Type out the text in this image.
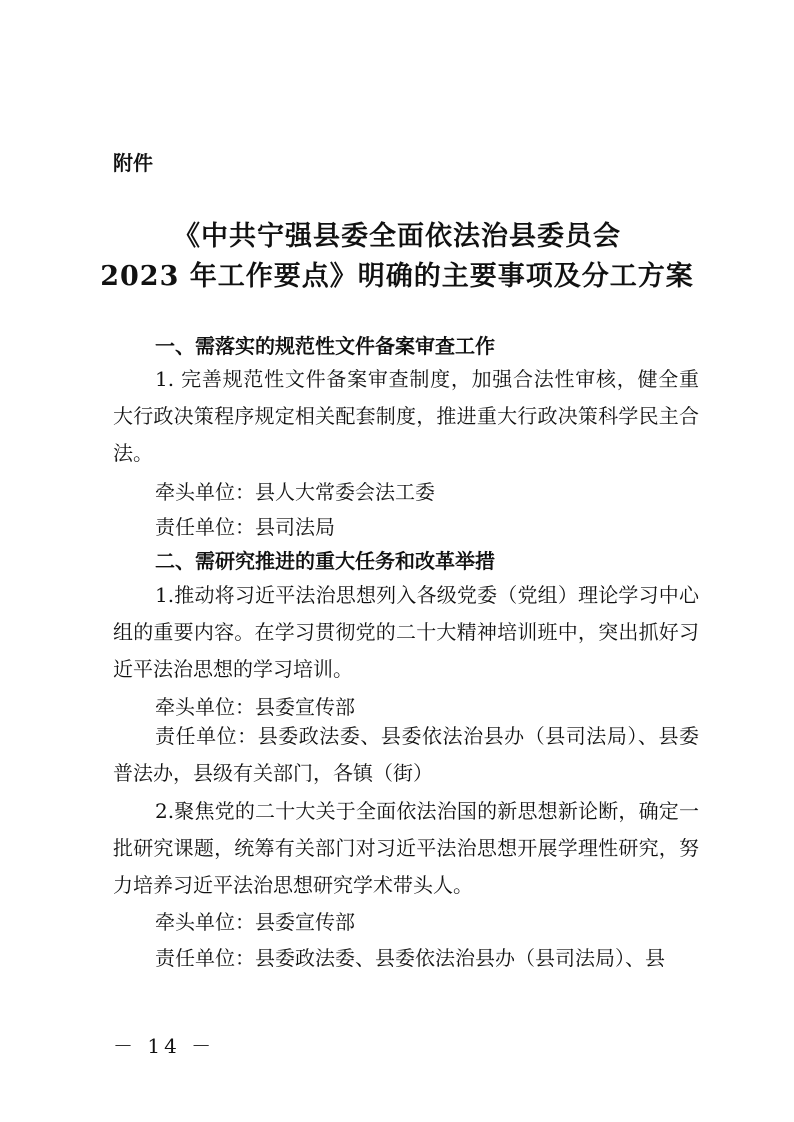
附件
《中共宁强县委全面依法治县委员会
2023 年工作要点》明确的主要事项及分工方案
一、需落实的规范性文件备案审查工作

1. 完善规范性文件备案审查制度，加强合法性审核，健全重大行政决策程序规定相关配套制度，推进重大行政决策科学民主合法。

牵头单位：县人大常委会法工委
责任单位：县司法局
二、需研究推进的重大任务和改革举措

1.推动将习近平法治思想列入各级党委（党组）理论学习中心组的重要内容。在学习贯彻党的二十大精神培训班中，突出抓好习近平法治思想的学习培训。

牵头单位：县委宣传部

责任单位：县委政法委、县委依法治县办（县司法局）、县委普法办，县级有关部门，各镇（街）

2.聚焦党的二十大关于全面依法治国的新思想新论断，确定一批研究课题，统筹有关部门对习近平法治思想开展学理性研究，努力培养习近平法治思想研究学术带头人。

牵头单位：县委宣传部
责任单位：县委政法委、县委依法治县办（县司法局）、县
－ 14 －
